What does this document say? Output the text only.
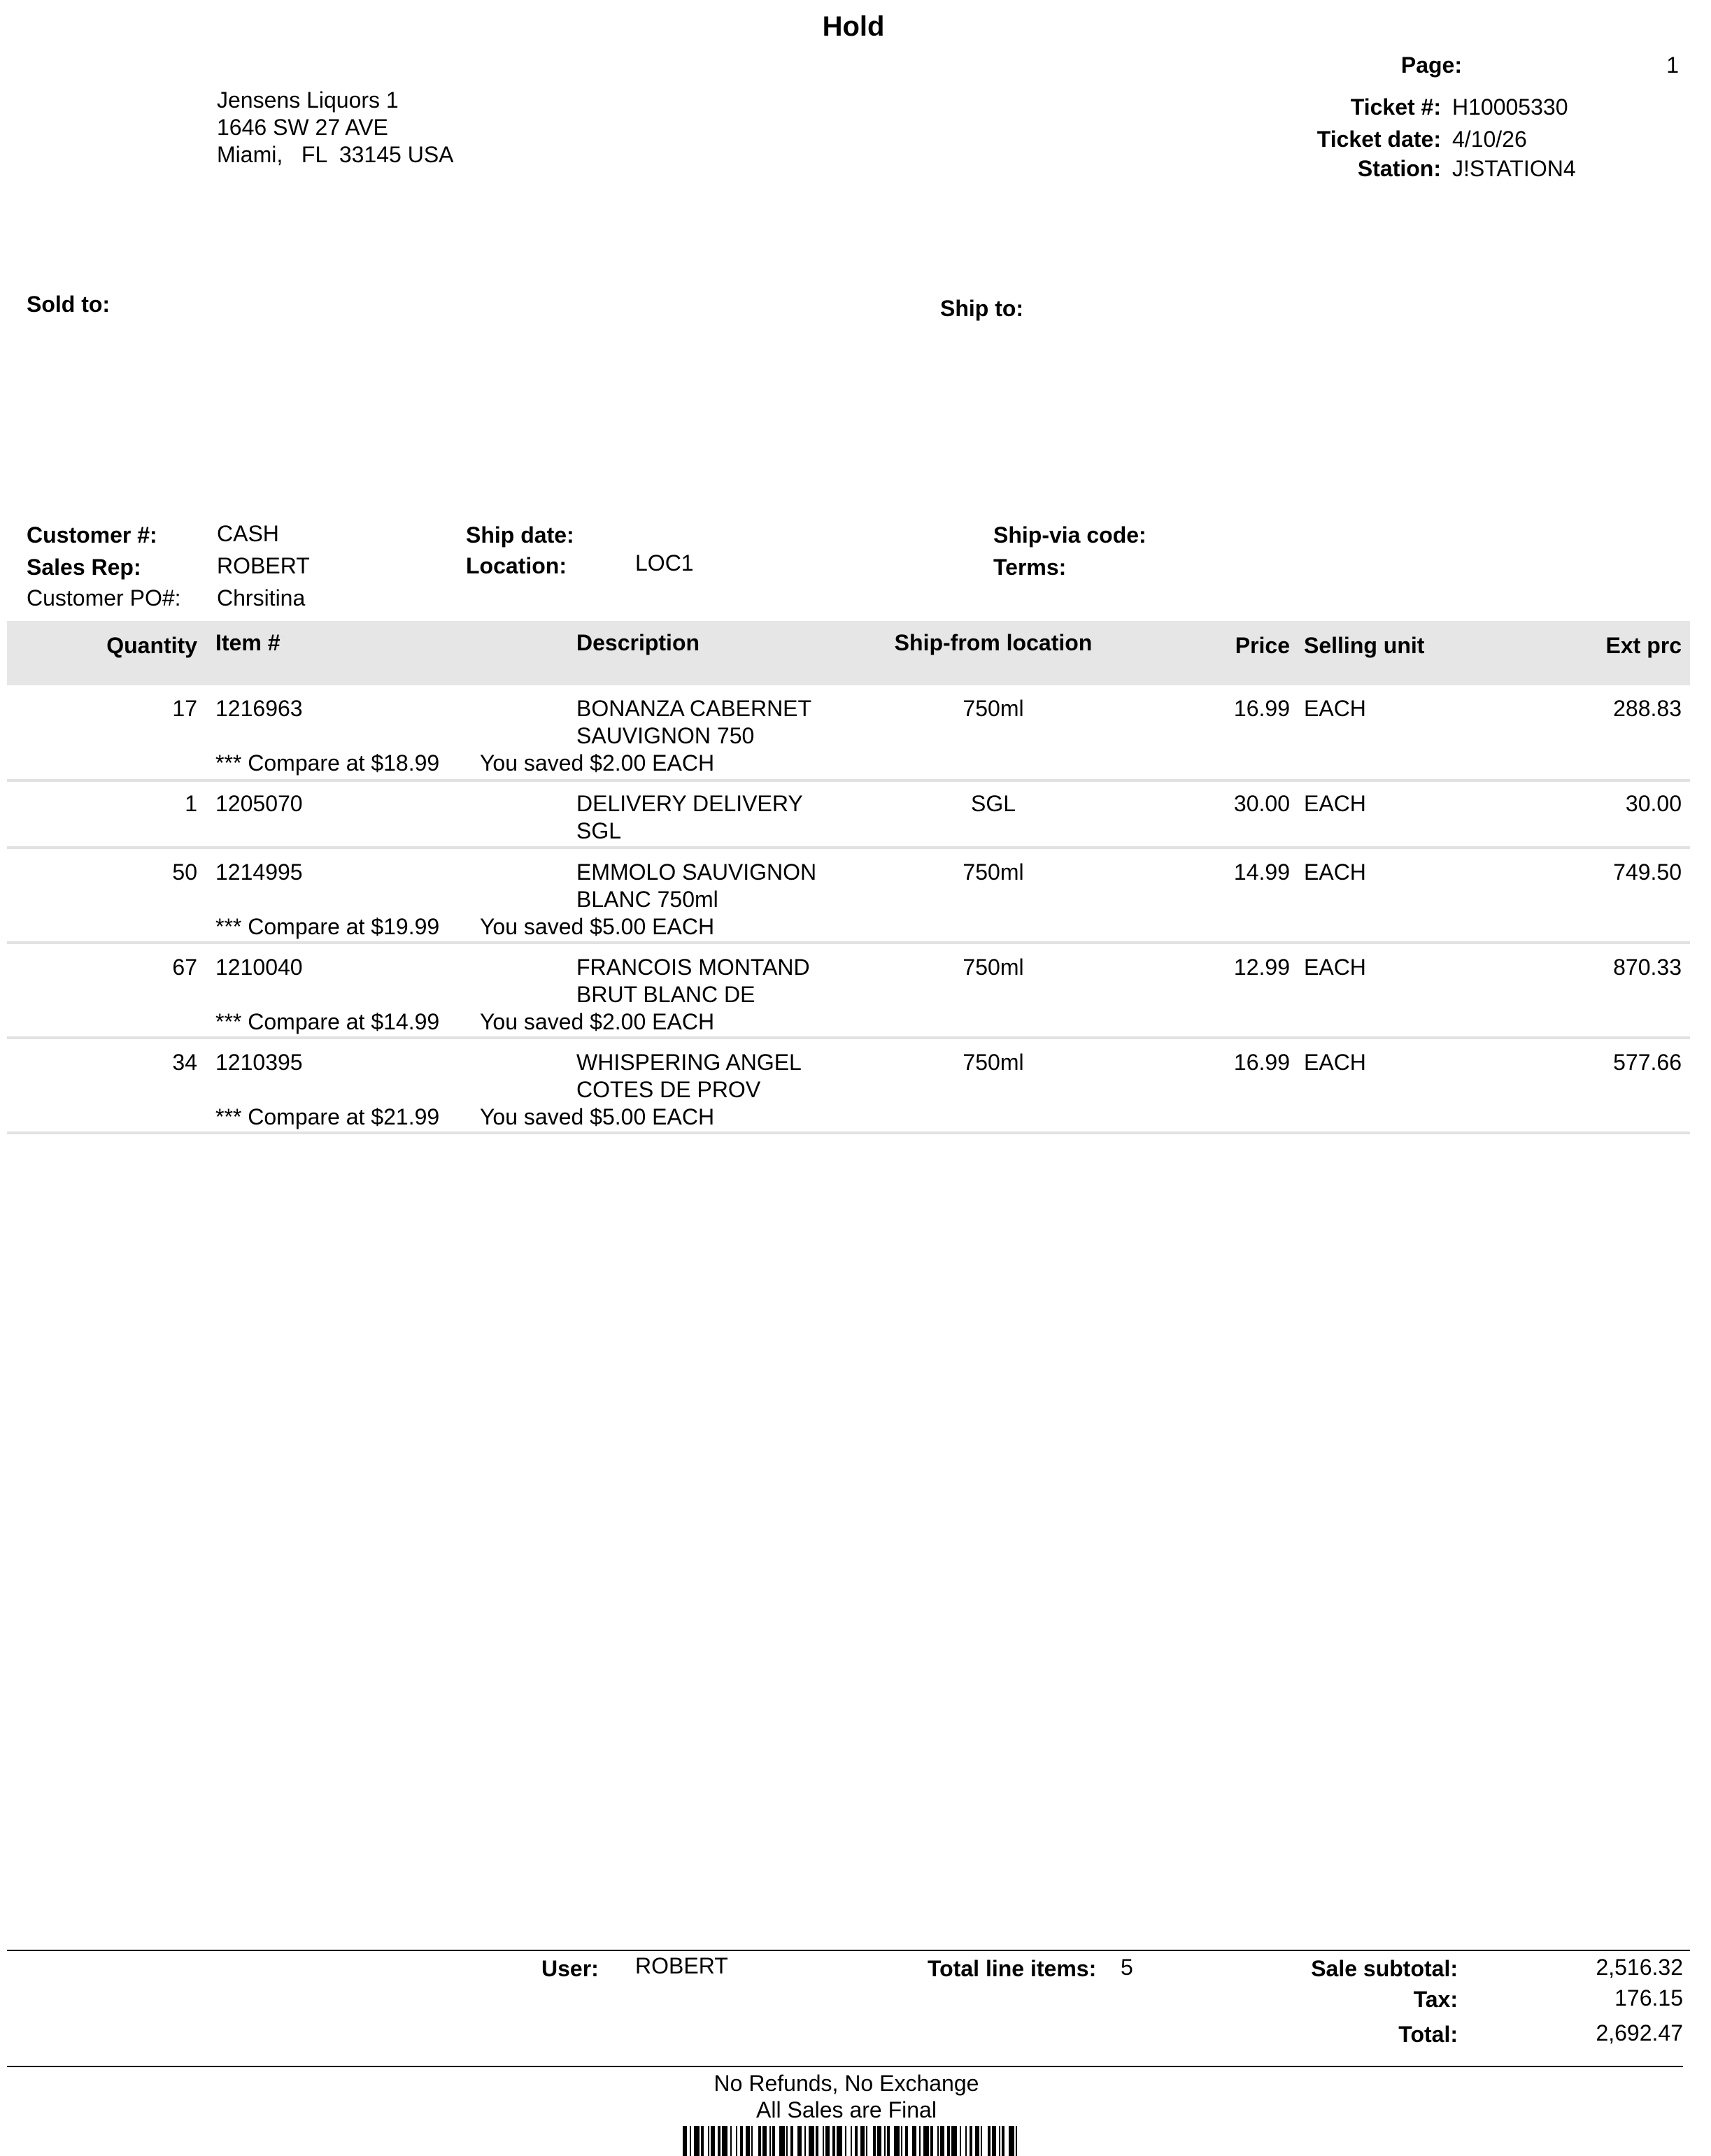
Hold
Page:	1
Jensens Liquors 1
1646 SW 27 AVE
Miami,   FL  33145 USA
Ticket #: H10005330
Ticket date: 4/10/26
Station: J!STATION4
Sold to:	Ship to:
Customer #:	CASH
Sales Rep:	ROBERT
Customer PO#: Chrsitina
Ship date:
Location:	LOC1
Ship-via code:
Terms:
Quantity Item #	Description	Ship-from location	Price Selling unit	Ext prc
17 1216963	BONANZA CABERNET
SAUVIGNON 750
750ml	16.99 EACH	288.83
*** Compare at $18.99 You saved $2.00 EACH
1 1205070	DELIVERY DELIVERY
SGL
SGL	30.00 EACH	30.00
50 1214995	EMMOLO SAUVIGNON
BLANC 750ml
750ml	14.99 EACH	749.50
*** Compare at $19.99 You saved $5.00 EACH
67 1210040	FRANCOIS MONTAND
BRUT BLANC DE
750ml	12.99 EACH	870.33
*** Compare at $14.99 You saved $2.00 EACH
34 1210395	WHISPERING ANGEL
COTES DE PROV
750ml	16.99 EACH	577.66
*** Compare at $21.99 You saved $5.00 EACH
User: ROBERT	Total line items: 5	Sale subtotal:	2,516.32
Tax:	176.15
Total:	2,692.47
No Refunds, No Exchange
All Sales are Final
